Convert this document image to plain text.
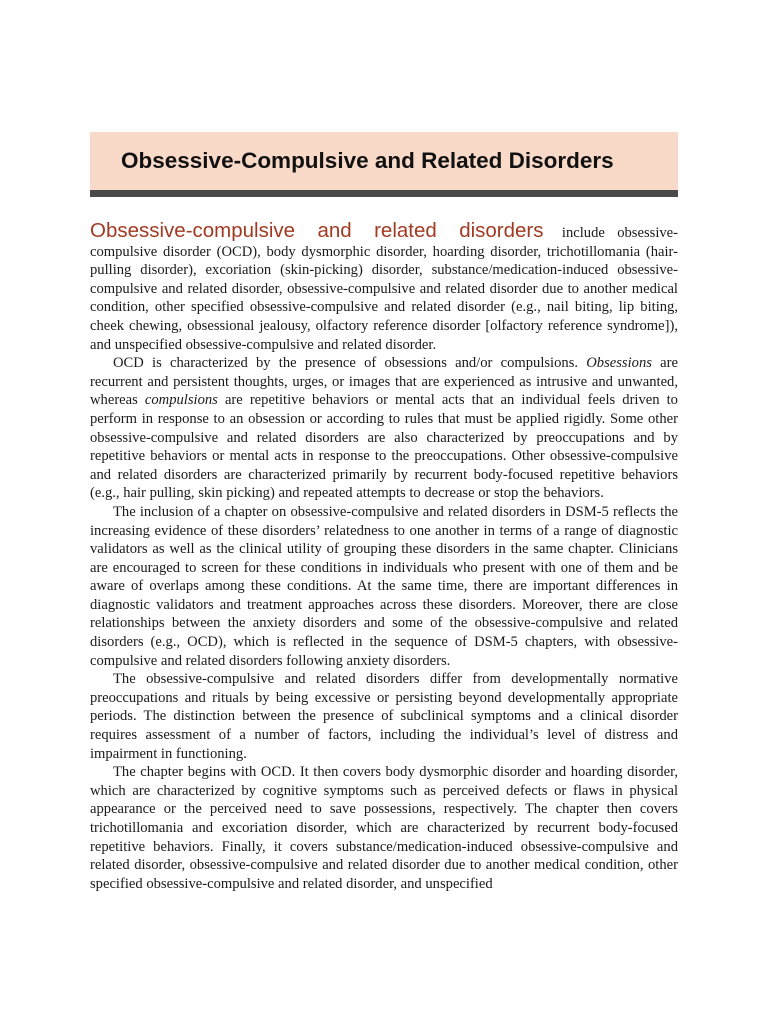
Obsessive-Compulsive and Related Disorders

Obsessive-compulsive and related disorders include obsessive-compulsive disorder (OCD), body dysmorphic disorder, hoarding disorder, trichotillomania (hair-pulling disorder), excoriation (skin-picking) disorder, substance/medication-induced obsessive-compulsive and related disorder, obsessive-compulsive and related disorder due to another medical condition, other specified obsessive-compulsive and related disorder (e.g., nail biting, lip biting, cheek chewing, obsessional jealousy, olfactory reference disorder [olfactory reference syndrome]), and unspecified obsessive-compulsive and related disorder.

OCD is characterized by the presence of obsessions and/or compulsions. Obsessions are recurrent and persistent thoughts, urges, or images that are experienced as intrusive and unwanted, whereas compulsions are repetitive behaviors or mental acts that an individual feels driven to perform in response to an obsession or according to rules that must be applied rigidly. Some other obsessive-compulsive and related disorders are also characterized by preoccupations and by repetitive behaviors or mental acts in response to the preoccupations. Other obsessive-compulsive and related disorders are characterized primarily by recurrent body-focused repetitive behaviors (e.g., hair pulling, skin picking) and repeated attempts to decrease or stop the behaviors.

The inclusion of a chapter on obsessive-compulsive and related disorders in DSM-5 reflects the increasing evidence of these disorders’ relatedness to one another in terms of a range of diagnostic validators as well as the clinical utility of grouping these disorders in the same chapter. Clinicians are encouraged to screen for these conditions in individuals who present with one of them and be aware of overlaps among these conditions. At the same time, there are important differences in diagnostic validators and treatment approaches across these disorders. Moreover, there are close relationships between the anxiety disorders and some of the obsessive-compulsive and related disorders (e.g., OCD), which is reflected in the sequence of DSM-5 chapters, with obsessive-compulsive and related disorders following anxiety disorders.

The obsessive-compulsive and related disorders differ from developmentally normative preoccupations and rituals by being excessive or persisting beyond developmentally appropriate periods. The distinction between the presence of subclinical symptoms and a clinical disorder requires assessment of a number of factors, including the individual’s level of distress and impairment in functioning.

The chapter begins with OCD. It then covers body dysmorphic disorder and hoarding disorder, which are characterized by cognitive symptoms such as perceived defects or flaws in physical appearance or the perceived need to save possessions, respectively. The chapter then covers trichotillomania and excoriation disorder, which are characterized by recurrent body-focused repetitive behaviors. Finally, it covers substance/medication-induced obsessive-compulsive and related disorder, obsessive-compulsive and related disorder due to another medical condition, other specified obsessive-compulsive and related disorder, and unspecified
